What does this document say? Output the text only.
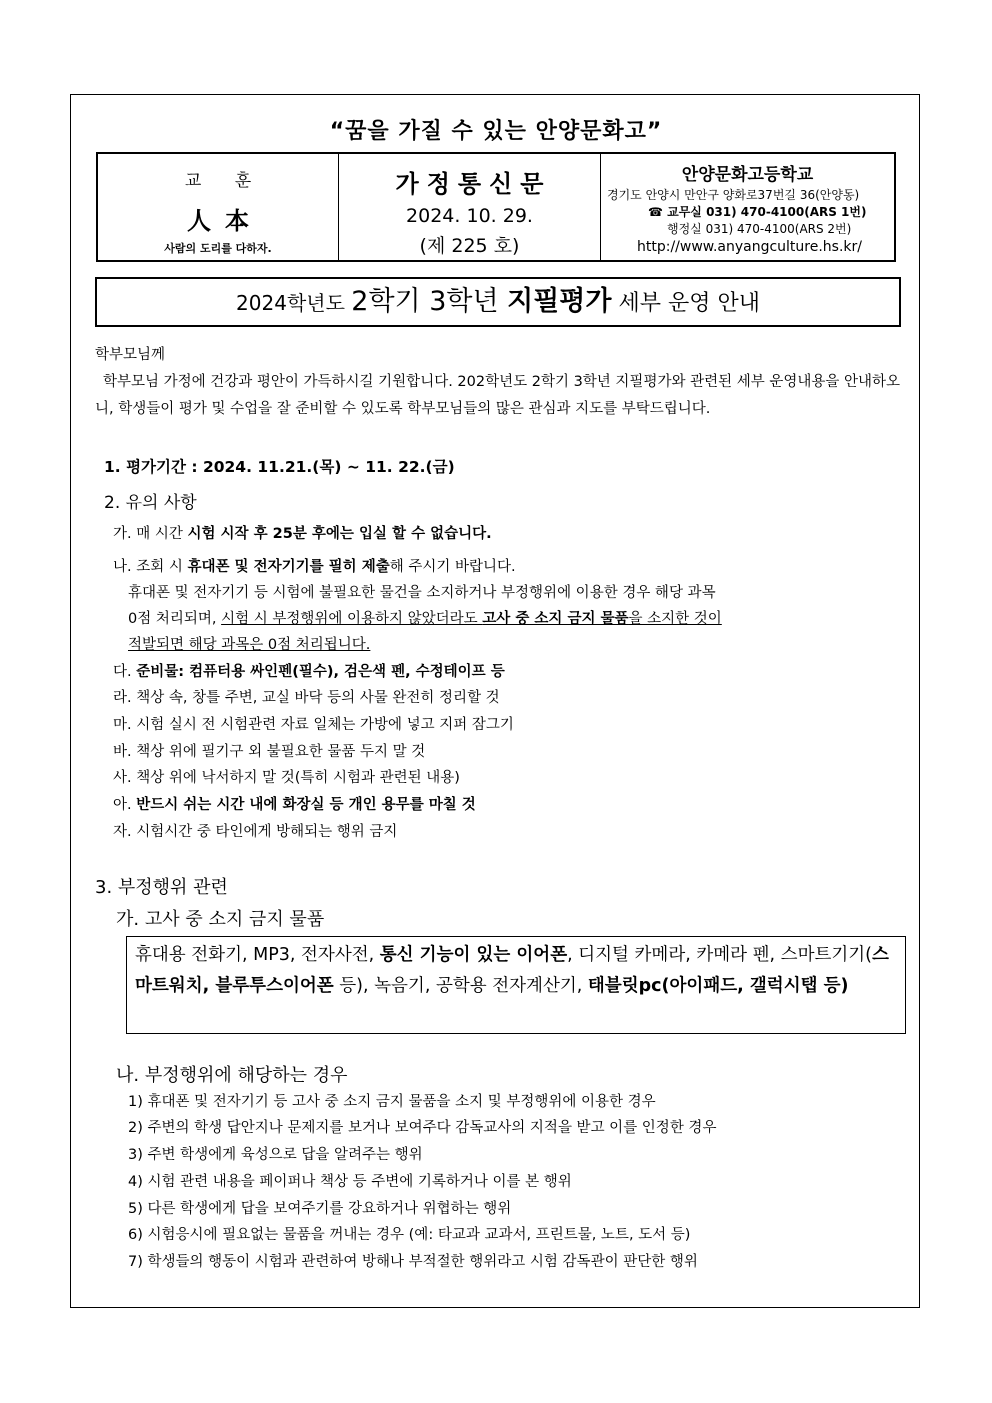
“꿈을 가질 수 있는 안양문화고”
교 훈
人本
사람의 도리를 다하자.
가정통신문
2024. 10. 29.
(제 225 호)
안양문화고등학교
경기도 안양시 만안구 양화로37번길 36(안양동)
☎ 교무실 031) 470-4100(ARS 1번)
행정실 031) 470-4100(ARS 2번)
http://www.anyangculture.hs.kr/
2024학년도 2학기 3학년 지필평가 세부 운영 안내
학부모님께
학부모님 가정에 건강과 평안이 가득하시길 기원합니다. 202학년도 2학기 3학년 지필평가와 관련된 세부 운영내용을 안내하오니, 학생들이 평가 및 수업을 잘 준비할 수 있도록 학부모님들의 많은 관심과 지도를 부탁드립니다.
1. 평가기간 : 2024. 11.21.(목) ~ 11. 22.(금)
2. 유의 사항
가. 매 시간 시험 시작 후 25분 후에는 입실 할 수 없습니다.
나. 조회 시 휴대폰 및 전자기기를 필히 제출해 주시기 바랍니다.
휴대폰 및 전자기기 등 시험에 불필요한 물건을 소지하거나 부정행위에 이용한 경우 해당 과목
0점 처리되며, 시험 시 부정행위에 이용하지 않았더라도 고사 중 소지 금지 물품을 소지한 것이
적발되면 해당 과목은 0점 처리됩니다.
다. 준비물: 컴퓨터용 싸인펜(필수), 검은색 펜, 수정테이프 등
라. 책상 속, 창틀 주변, 교실 바닥 등의 사물 완전히 정리할 것
마. 시험 실시 전 시험관련 자료 일체는 가방에 넣고 지퍼 잠그기
바. 책상 위에 필기구 외 불필요한 물품 두지 말 것
사. 책상 위에 낙서하지 말 것(특히 시험과 관련된 내용)
아. 반드시 쉬는 시간 내에 화장실 등 개인 용무를 마칠 것
자. 시험시간 중 타인에게 방해되는 행위 금지
3. 부정행위 관련
가. 고사 중 소지 금지 물품
휴대용 전화기, MP3, 전자사전, 통신 기능이 있는 이어폰, 디지털 카메라, 카메라 펜, 스마트기기(스마트워치, 블루투스이어폰 등), 녹음기, 공학용 전자계산기, 태블릿pc(아이패드, 갤럭시탭 등)
나. 부정행위에 해당하는 경우
1) 휴대폰 및 전자기기 등 고사 중 소지 금지 물품을 소지 및 부정행위에 이용한 경우
2) 주변의 학생 답안지나 문제지를 보거나 보여주다 감독교사의 지적을 받고 이를 인정한 경우
3) 주변 학생에게 육성으로 답을 알려주는 행위
4) 시험 관련 내용을 페이퍼나 책상 등 주변에 기록하거나 이를 본 행위
5) 다른 학생에게 답을 보여주기를 강요하거나 위협하는 행위
6) 시험응시에 필요없는 물품을 꺼내는 경우 (예: 타교과 교과서, 프린트물, 노트, 도서 등)
7) 학생들의 행동이 시험과 관련하여 방해나 부적절한 행위라고 시험 감독관이 판단한 행위
